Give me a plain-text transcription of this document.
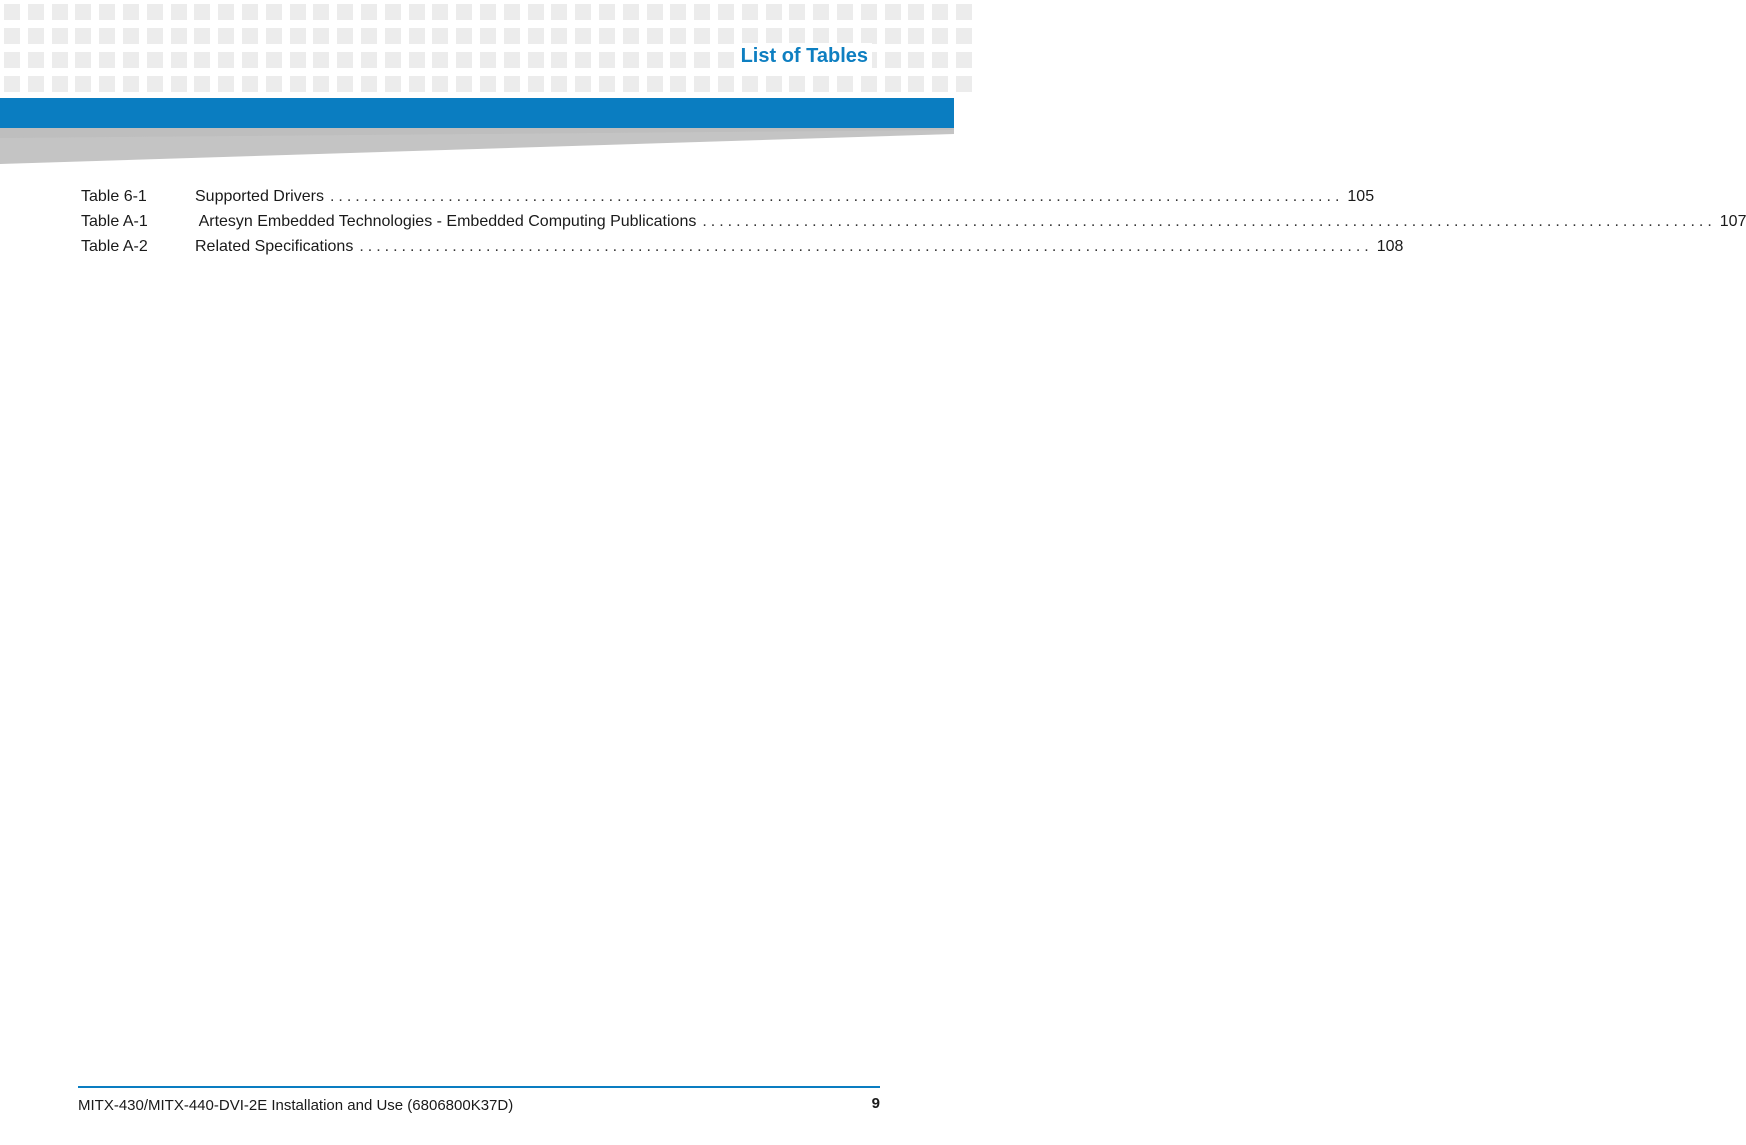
List of Tables
Table 6-1	Supported Drivers ........................................................................................................................ 105
Table A-1	Artesyn Embedded Technologies - Embedded Computing Publications ........................................................................................................................ 107
Table A-2	Related Specifications ........................................................................................................................ 108
MITX-430/MITX-440-DVI-2E Installation and Use (6806800K37D)	9
